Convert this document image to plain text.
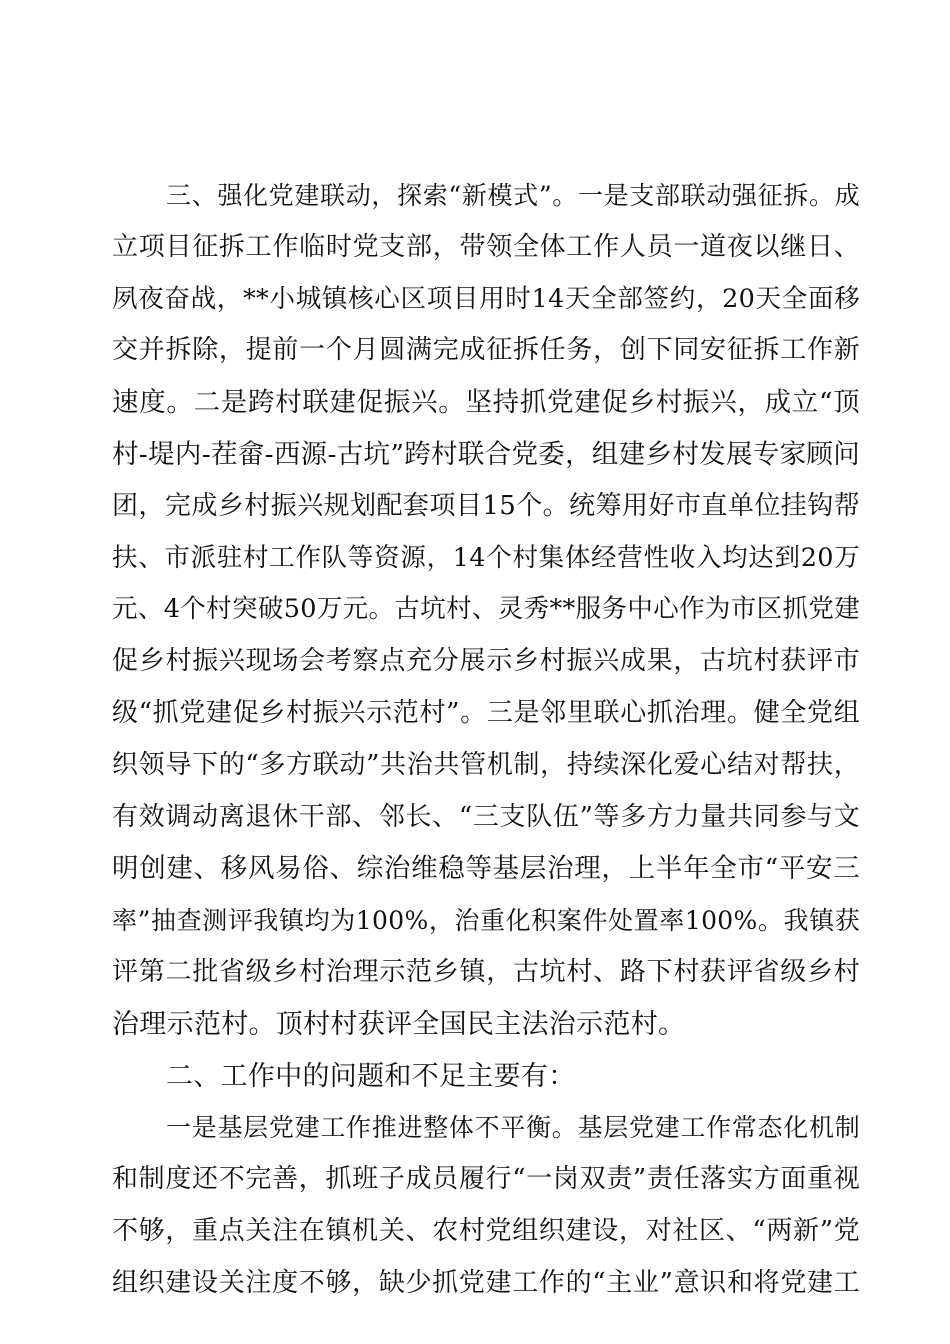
三、强化党建联动，探索“新模式”。一是支部联动强征拆。成
立项目征拆工作临时党支部，带领全体工作人员一道夜以继日、
夙夜奋战，**小城镇核心区项目用时14天全部签约，20天全面移
交并拆除，提前一个月圆满完成征拆任务，创下同安征拆工作新
速度。二是跨村联建促振兴。坚持抓党建促乡村振兴，成立“顶
村-堤内-茬畲-西源-古坑”跨村联合党委，组建乡村发展专家顾问
团，完成乡村振兴规划配套项目15个。统筹用好市直单位挂钩帮
扶、市派驻村工作队等资源，14个村集体经营性收入均达到20万
元、4个村突破50万元。古坑村、灵秀**服务中心作为市区抓党建
促乡村振兴现场会考察点充分展示乡村振兴成果，古坑村获评市
级“抓党建促乡村振兴示范村”。三是邻里联心抓治理。健全党组
织领导下的“多方联动”共治共管机制，持续深化爱心结对帮扶，
有效调动离退休干部、邻长、“三支队伍”等多方力量共同参与文
明创建、移风易俗、综治维稳等基层治理，上半年全市“平安三
率”抽查测评我镇均为100%，治重化积案件处置率100%。我镇获
评第二批省级乡村治理示范乡镇，古坑村、路下村获评省级乡村
治理示范村。顶村村获评全国民主法治示范村。
二、工作中的问题和不足主要有：
一是基层党建工作推进整体不平衡。基层党建工作常态化机制
和制度还不完善，抓班子成员履行“一岗双责”责任落实方面重视
不够，重点关注在镇机关、农村党组织建设，对社区、“两新”党
组织建设关注度不够，缺少抓党建工作的“主业”意识和将党建工
